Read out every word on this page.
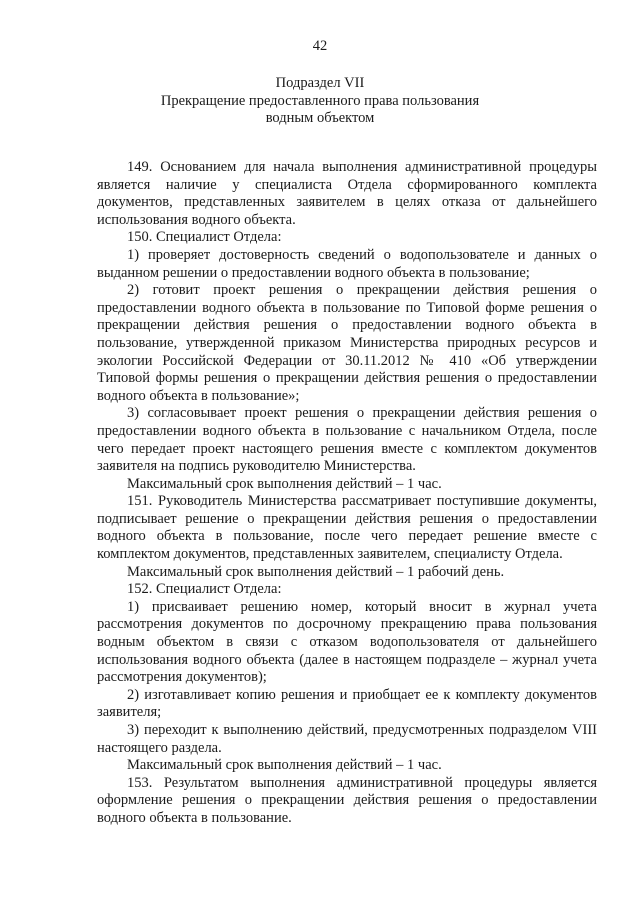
42
Подраздел VII
Прекращение предоставленного права пользования
водным объектом

149. Основанием для начала выполнения административной процедуры является наличие у специалиста Отдела сформированного комплекта документов, представленных заявителем в целях отказа от дальнейшего использования водного объекта.

150. Специалист Отдела:

1) проверяет достоверность сведений о водопользователе и данных о выданном решении о предоставлении водного объекта в пользование;

2) готовит проект решения о прекращении действия решения о предоставлении водного объекта в пользование по Типовой форме решения о прекращении действия решения о предоставлении водного объекта в пользование, утвержденной приказом Министерства природных ресурсов и экологии Российской Федерации от 30.11.2012 № 410 «Об утверждении Типовой формы решения о прекращении действия решения о предоставлении водного объекта в пользование»;

3) согласовывает проект решения о прекращении действия решения о предоставлении водного объекта в пользование с начальником Отдела, после чего передает проект настоящего решения вместе с комплектом документов заявителя на подпись руководителю Министерства.

Максимальный срок выполнения действий – 1 час.

151. Руководитель Министерства рассматривает поступившие документы, подписывает решение о прекращении действия решения о предоставлении водного объекта в пользование, после чего передает решение вместе с комплектом документов, представленных заявителем, специалисту Отдела.

Максимальный срок выполнения действий – 1 рабочий день.

152. Специалист Отдела:

1) присваивает решению номер, который вносит в журнал учета рассмотрения документов по досрочному прекращению права пользования водным объектом в связи с отказом водопользователя от дальнейшего использования водного объекта (далее в настоящем подразделе – журнал учета рассмотрения документов);

2) изготавливает копию решения и приобщает ее к комплекту документов заявителя;

3) переходит к выполнению действий, предусмотренных подразделом VIII настоящего раздела.

Максимальный срок выполнения действий – 1 час.

153. Результатом выполнения административной процедуры является оформление решения о прекращении действия решения о предоставлении водного объекта в пользование.
